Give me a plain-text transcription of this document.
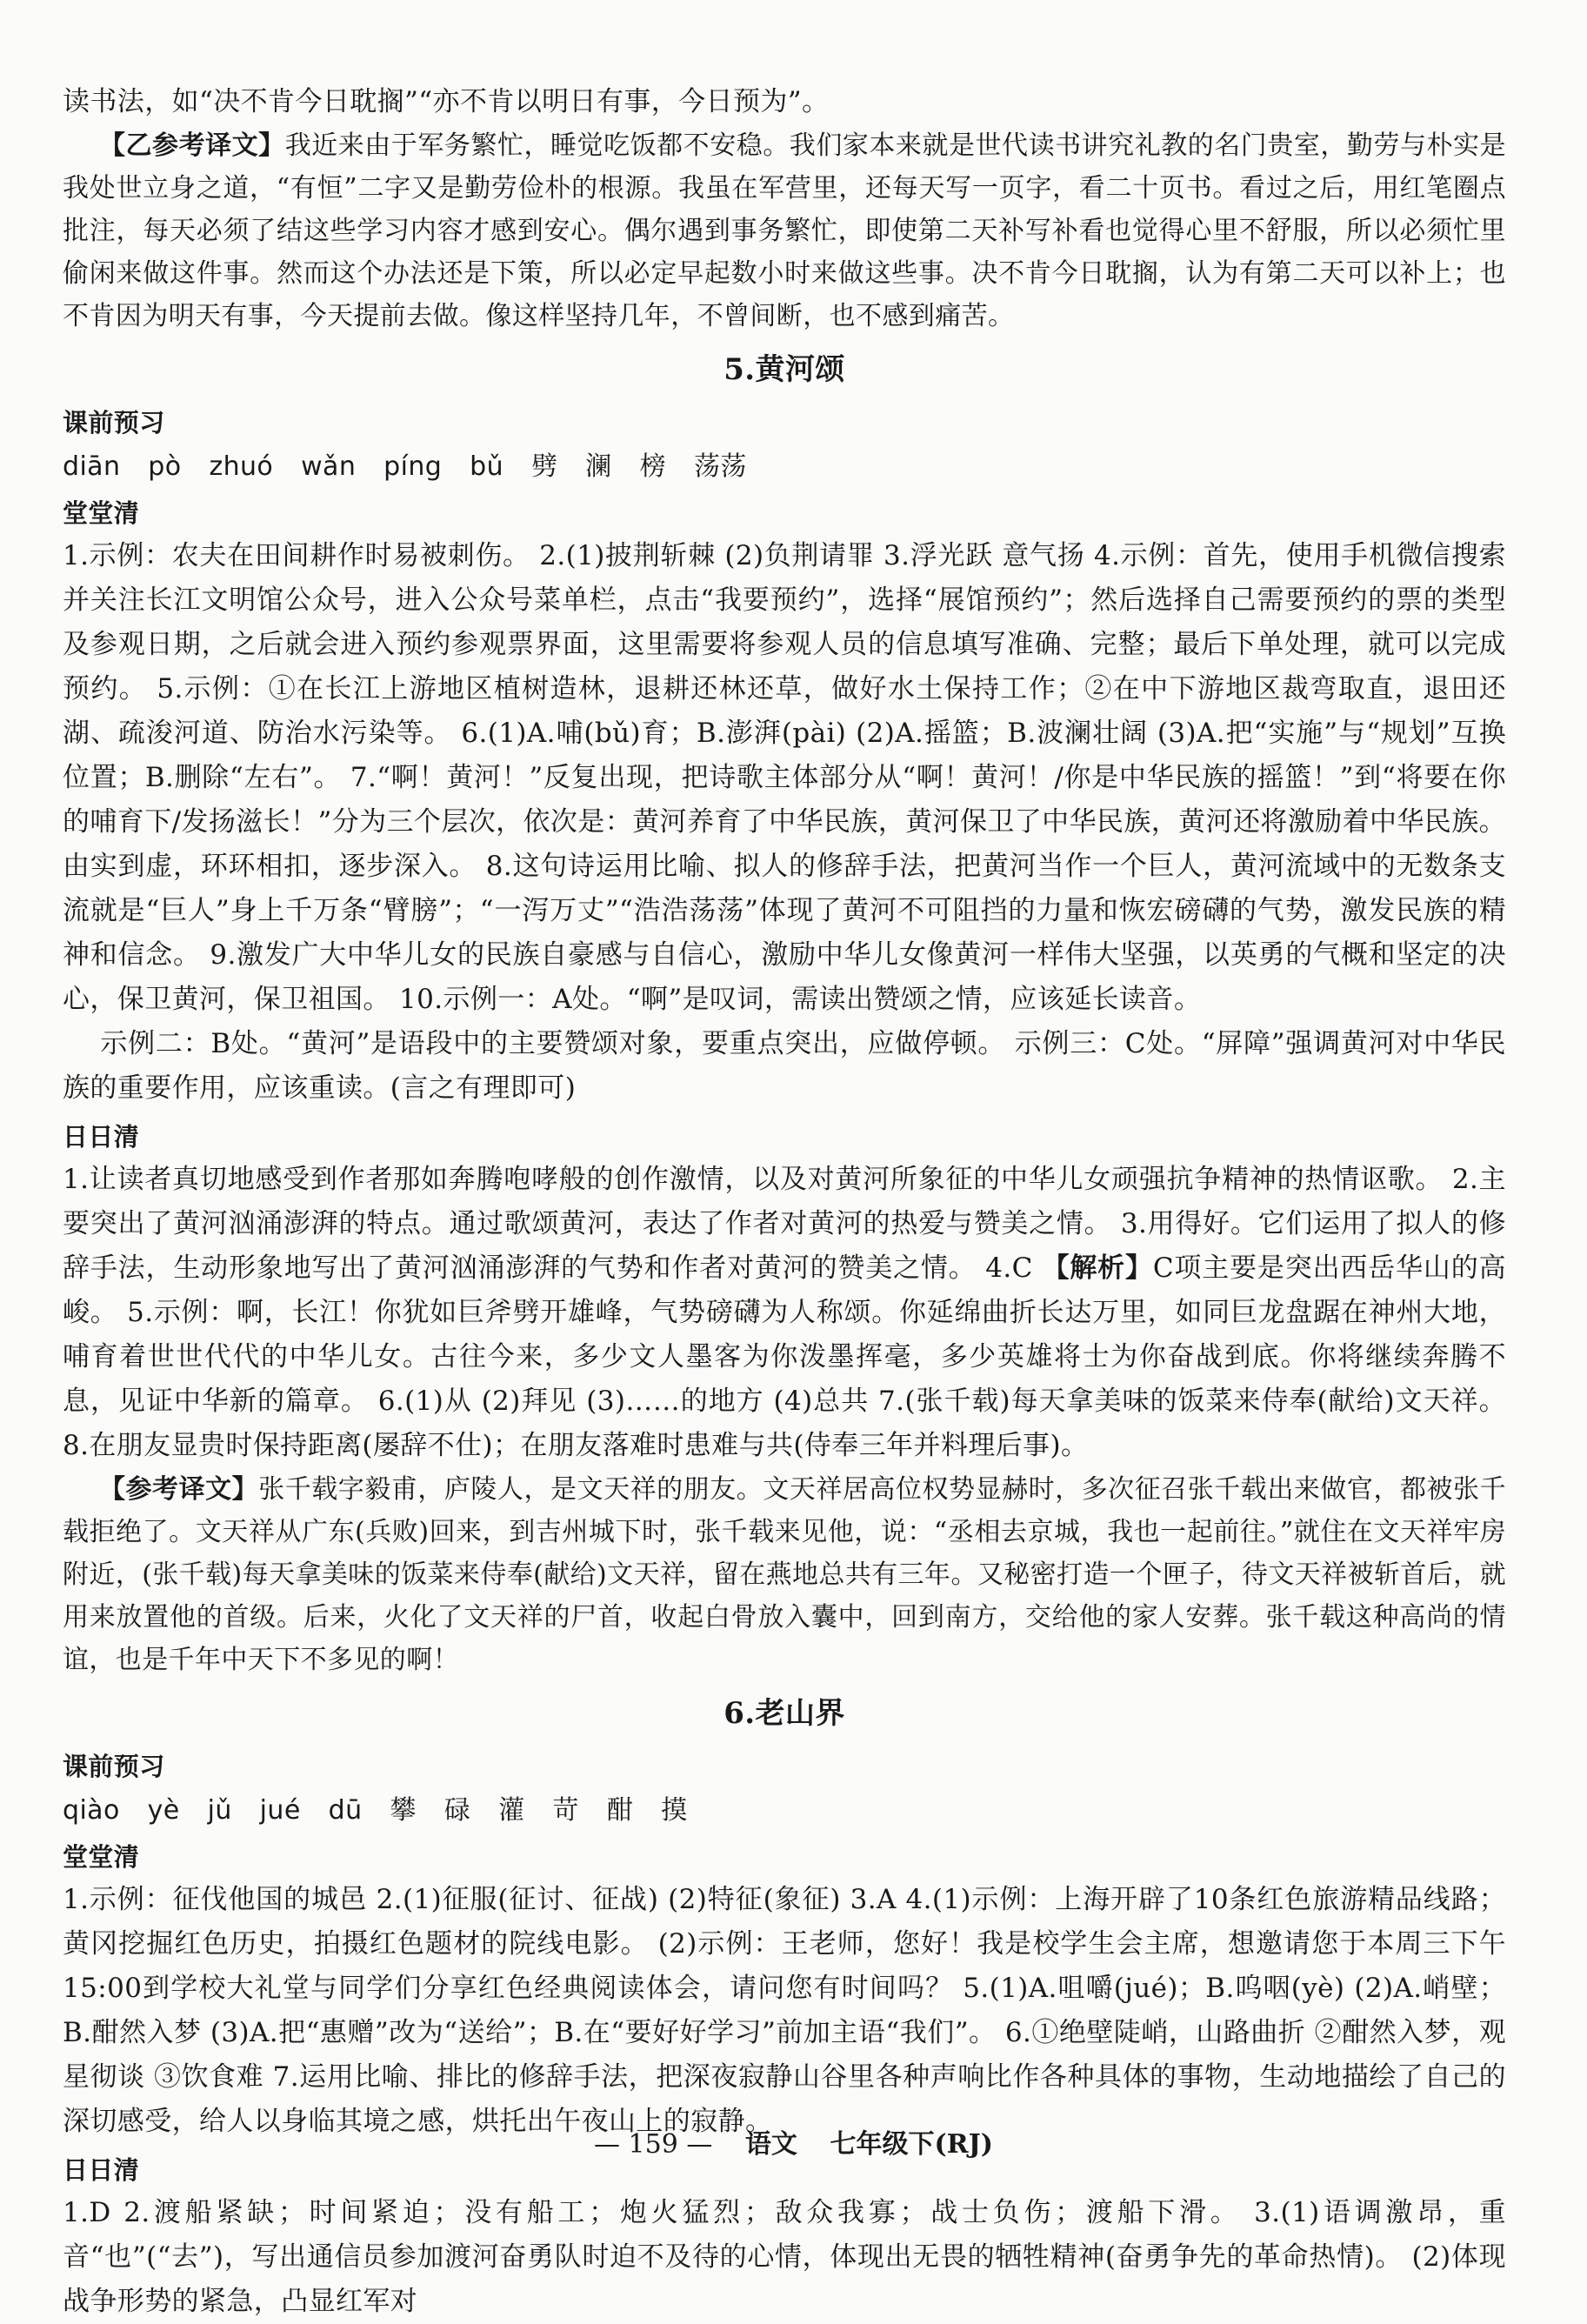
读书法，如“决不肯今日耽搁”“亦不肯以明日有事，今日预为”。

【乙参考译文】我近来由于军务繁忙，睡觉吃饭都不安稳。我们家本来就是世代读书讲究礼教的名门贵室，勤劳与朴实是我处世立身之道，“有恒”二字又是勤劳俭朴的根源。我虽在军营里，还每天写一页字，看二十页书。看过之后，用红笔圈点批注，每天必须了结这些学习内容才感到安心。偶尔遇到事务繁忙，即使第二天补写补看也觉得心里不舒服，所以必须忙里偷闲来做这件事。然而这个办法还是下策，所以必定早起数小时来做这些事。决不肯今日耽搁，认为有第二天可以补上；也不肯因为明天有事，今天提前去做。像这样坚持几年，不曾间断，也不感到痛苦。

5.黄河颂
课前预习

diān pò zhuó wǎn píng bǔ 劈 澜 榜 荡荡

堂堂清

1.示例：农夫在田间耕作时易被刺伤。 2.(1)披荆斩棘 (2)负荆请罪 3.浮光跃 意气扬 4.示例：首先，使用手机微信搜索并关注长江文明馆公众号，进入公众号菜单栏，点击“我要预约”，选择“展馆预约”；然后选择自己需要预约的票的类型及参观日期，之后就会进入预约参观票界面，这里需要将参观人员的信息填写准确、完整；最后下单处理，就可以完成预约。 5.示例：①在长江上游地区植树造林，退耕还林还草，做好水土保持工作；②在中下游地区裁弯取直，退田还湖、疏浚河道、防治水污染等。 6.(1)A.哺(bǔ)育；B.澎湃(pài) (2)A.摇篮；B.波澜壮阔 (3)A.把“实施”与“规划”互换位置；B.删除“左右”。 7.“啊！黄河！”反复出现，把诗歌主体部分从“啊！黄河！/你是中华民族的摇篮！”到“将要在你的哺育下/发扬滋长！”分为三个层次，依次是：黄河养育了中华民族，黄河保卫了中华民族，黄河还将激励着中华民族。由实到虚，环环相扣，逐步深入。 8.这句诗运用比喻、拟人的修辞手法，把黄河当作一个巨人，黄河流域中的无数条支流就是“巨人”身上千万条“臂膀”；“一泻万丈”“浩浩荡荡”体现了黄河不可阻挡的力量和恢宏磅礴的气势，激发民族的精神和信念。 9.激发广大中华儿女的民族自豪感与自信心，激励中华儿女像黄河一样伟大坚强，以英勇的气概和坚定的决心，保卫黄河，保卫祖国。 10.示例一：A处。“啊”是叹词，需读出赞颂之情，应该延长读音。

示例二：B处。“黄河”是语段中的主要赞颂对象，要重点突出，应做停顿。 示例三：C处。“屏障”强调黄河对中华民族的重要作用，应该重读。(言之有理即可)

日日清

1.让读者真切地感受到作者那如奔腾咆哮般的创作激情，以及对黄河所象征的中华儿女顽强抗争精神的热情讴歌。 2.主要突出了黄河汹涌澎湃的特点。通过歌颂黄河，表达了作者对黄河的热爱与赞美之情。 3.用得好。它们运用了拟人的修辞手法，生动形象地写出了黄河汹涌澎湃的气势和作者对黄河的赞美之情。 4.C 【解析】C项主要是突出西岳华山的高峻。 5.示例：啊，长江！你犹如巨斧劈开雄峰，气势磅礴为人称颂。你延绵曲折长达万里，如同巨龙盘踞在神州大地，哺育着世世代代的中华儿女。古往今来，多少文人墨客为你泼墨挥毫，多少英雄将士为你奋战到底。你将继续奔腾不息，见证中华新的篇章。 6.(1)从 (2)拜见 (3)……的地方 (4)总共 7.(张千载)每天拿美味的饭菜来侍奉(献给)文天祥。 8.在朋友显贵时保持距离(屡辞不仕)；在朋友落难时患难与共(侍奉三年并料理后事)。

【参考译文】张千载字毅甫，庐陵人，是文天祥的朋友。文天祥居高位权势显赫时，多次征召张千载出来做官，都被张千载拒绝了。文天祥从广东(兵败)回来，到吉州城下时，张千载来见他，说：“丞相去京城，我也一起前往。”就住在文天祥牢房附近，(张千载)每天拿美味的饭菜来侍奉(献给)文天祥，留在燕地总共有三年。又秘密打造一个匣子，待文天祥被斩首后，就用来放置他的首级。后来，火化了文天祥的尸首，收起白骨放入囊中，回到南方，交给他的家人安葬。张千载这种高尚的情谊，也是千年中天下不多见的啊！

6.老山界
课前预习

qiào yè jǔ jué dū 攀 碌 灌 苛 酣 摸

堂堂清

1.示例：征伐他国的城邑 2.(1)征服(征讨、征战) (2)特征(象征) 3.A 4.(1)示例：上海开辟了10条红色旅游精品线路；黄冈挖掘红色历史，拍摄红色题材的院线电影。 (2)示例：王老师，您好！我是校学生会主席，想邀请您于本周三下午15:00到学校大礼堂与同学们分享红色经典阅读体会，请问您有时间吗？ 5.(1)A.咀嚼(jué)；B.呜咽(yè) (2)A.峭壁；B.酣然入梦 (3)A.把“惠赠”改为“送给”；B.在“要好好学习”前加主语“我们”。 6.①绝壁陡峭，山路曲折 ②酣然入梦，观星彻谈 ③饮食难 7.运用比喻、排比的修辞手法，把深夜寂静山谷里各种声响比作各种具体的事物，生动地描绘了自己的深切感受，给人以身临其境之感，烘托出午夜山上的寂静。

日日清

1.D 2.渡船紧缺；时间紧迫；没有船工；炮火猛烈；敌众我寡；战士负伤；渡船下滑。 3.(1)语调激昂，重音“也”(“去”)，写出通信员参加渡河奋勇队时迫不及待的心情，体现出无畏的牺牲精神(奋勇争先的革命热情)。 (2)体现战争形势的紧急，凸显红军对

— 159 — 语文 七年级下(RJ)
